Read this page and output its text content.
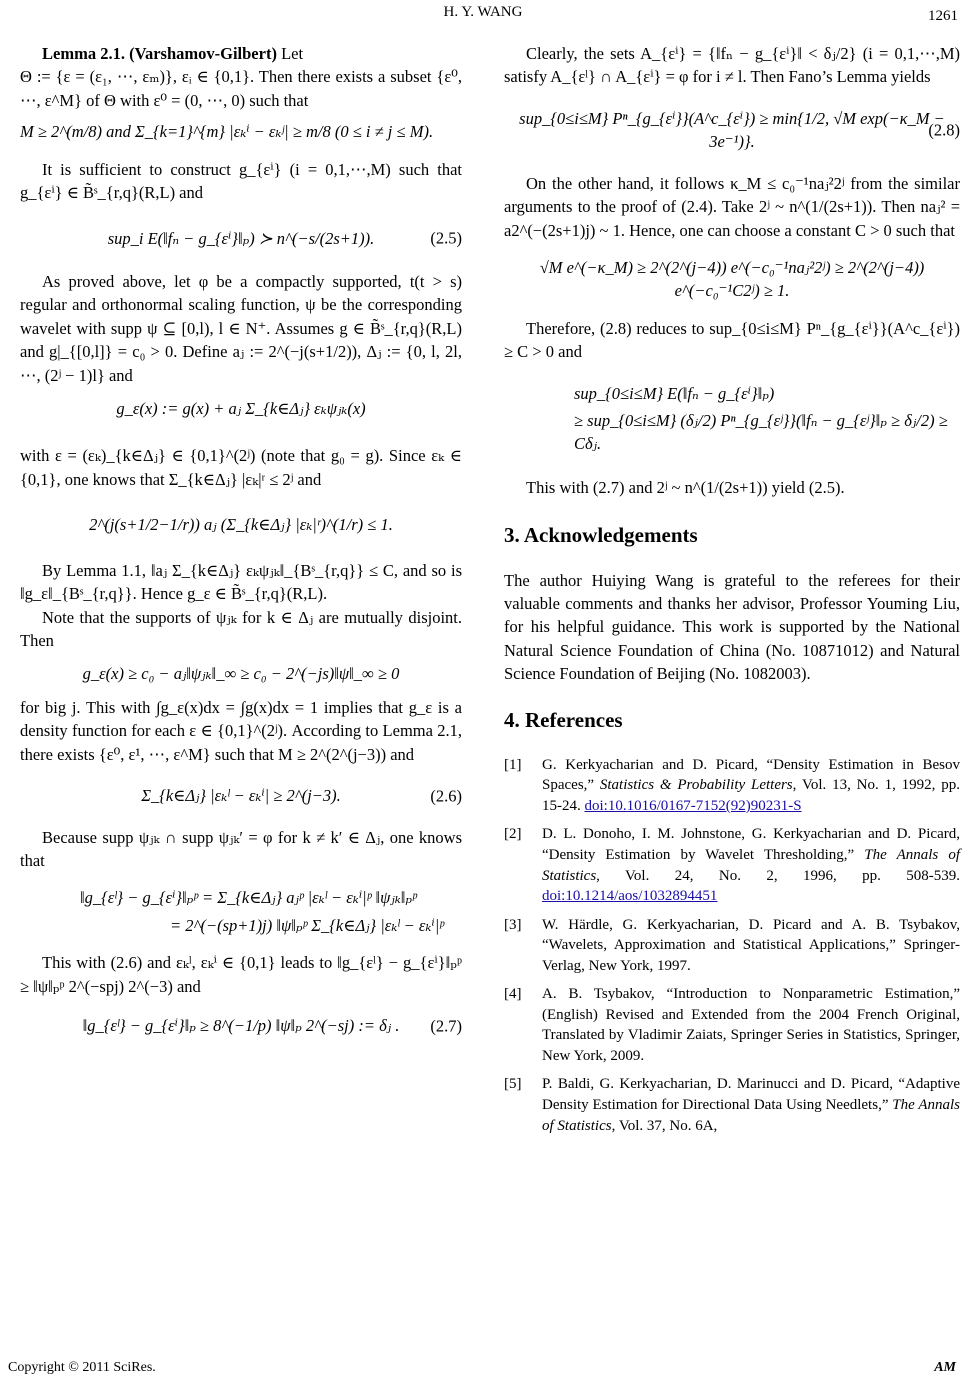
H. Y. WANG	1261

Lemma 2.1. (Varshamov-Gilbert) Let

Θ := {ε = (ε₁, ⋯, εₘ)}, εᵢ ∈ {0,1}. Then there exists a subset {ε⁰, ⋯, ε^M} of Θ with ε⁰ = (0, ⋯, 0) such that

M ≥ 2^(m/8) and Σ_{k=1}^{m} |εₖⁱ − εₖʲ| ≥ m/8 (0 ≤ i ≠ j ≤ M).

It is sufficient to construct g_{εⁱ} (i = 0,1,⋯,M) such that g_{εⁱ} ∈ B̃ˢ_{r,q}(R,L) and

sup_i E(‖fₙ − g_{εⁱ}‖ₚ) ≻ n^(−s/(2s+1)).	(2.5)

As proved above, let φ be a compactly supported, t(t > s) regular and orthonormal scaling function, ψ be the corresponding wavelet with supp ψ ⊆ [0,l), l ∈ N⁺. Assumes g ∈ B̃ˢ_{r,q}(R,L) and g|_{[0,l]} = c₀ > 0. Define aⱼ := 2^(−j(s+1/2)), Δⱼ := {0, l, 2l, ⋯, (2ʲ − 1)l} and

g_ε(x) := g(x) + aⱼ Σ_{k∈Δⱼ} εₖψⱼₖ(x)

with ε = (εₖ)_{k∈Δⱼ} ∈ {0,1}^(2ʲ) (note that g₀ = g). Since εₖ ∈ {0,1}, one knows that Σ_{k∈Δⱼ} |εₖ|ʳ ≤ 2ʲ and

2^(j(s+1/2−1/r)) aⱼ (Σ_{k∈Δⱼ} |εₖ|ʳ)^(1/r) ≤ 1.

By Lemma 1.1, ‖aⱼ Σ_{k∈Δⱼ} εₖψⱼₖ‖_{Bˢ_{r,q}} ≤ C, and so is ‖g_ε‖_{Bˢ_{r,q}}. Hence g_ε ∈ B̃ˢ_{r,q}(R,L).

Note that the supports of ψⱼₖ for k ∈ Δⱼ are mutually disjoint. Then

g_ε(x) ≥ c₀ − aⱼ‖ψⱼₖ‖_∞ ≥ c₀ − 2^(−js)‖ψ‖_∞ ≥ 0

for big j. This with ∫g_ε(x)dx = ∫g(x)dx = 1 implies that g_ε is a density function for each ε ∈ {0,1}^(2ʲ). According to Lemma 2.1, there exists {ε⁰, ε¹, ⋯, ε^M} such that M ≥ 2^(2^(j−3)) and

Σ_{k∈Δⱼ} |εₖˡ − εₖⁱ| ≥ 2^(j−3).	(2.6)

Because supp ψⱼₖ ∩ supp ψⱼₖ′ = φ for k ≠ k′ ∈ Δⱼ, one knows that

‖g_{εˡ} − g_{εⁱ}‖ₚᵖ = Σ_{k∈Δⱼ} aⱼᵖ |εₖˡ − εₖⁱ|ᵖ ‖ψⱼₖ‖ₚᵖ
= 2^(−(sp+1)j) ‖ψ‖ₚᵖ Σ_{k∈Δⱼ} |εₖˡ − εₖⁱ|ᵖ

This with (2.6) and εₖˡ, εₖⁱ ∈ {0,1} leads to ‖g_{εˡ} − g_{εⁱ}‖ₚᵖ ≥ ‖ψ‖ₚᵖ 2^(−spj) 2^(−3) and

‖g_{εˡ} − g_{εⁱ}‖ₚ ≥ 8^(−1/p) ‖ψ‖ₚ 2^(−sj) := δⱼ . (2.7)

Clearly, the sets A_{εⁱ} = {‖fₙ − g_{εⁱ}‖ < δⱼ/2} (i = 0,1,⋯,M) satisfy A_{εˡ} ∩ A_{εⁱ} = φ for i ≠ l. Then Fano’s Lemma yields

sup_{0≤i≤M} Pⁿ_{g_{εⁱ}}(A^c_{εⁱ}) ≥ min{1/2, √M exp(−κ_M − 3e⁻¹)}.
(2.8)

On the other hand, it follows κ_M ≤ c₀⁻¹naⱼ²2ʲ from the similar arguments to the proof of (2.4). Take 2ʲ ~ n^(1/(2s+1)). Then naⱼ² = a2^(−(2s+1)j) ~ 1. Hence, one can choose a constant C > 0 such that

√M e^(−κ_M) ≥ 2^(2^(j−4)) e^(−c₀⁻¹naⱼ²2ʲ) ≥ 2^(2^(j−4)) e^(−c₀⁻¹C2ʲ) ≥ 1.

Therefore, (2.8) reduces to sup_{0≤i≤M} Pⁿ_{g_{εⁱ}}(A^c_{εⁱ}) ≥ C > 0 and

sup_{0≤i≤M} E(‖fₙ − g_{εⁱ}‖ₚ)
≥ sup_{0≤i≤M} (δⱼ/2) Pⁿ_{g_{εʲ}}(‖fₙ − g_{εʲ}‖ₚ ≥ δⱼ/2) ≥ Cδⱼ.

This with (2.7) and 2ʲ ~ n^(1/(2s+1)) yield (2.5).

3. Acknowledgements

The author Huiying Wang is grateful to the referees for their valuable comments and thanks her advisor, Professor Youming Liu, for his helpful guidance. This work is supported by the National Natural Science Foundation of China (No. 10871012) and Natural Science Foundation of Beijing (No. 1082003).

4. References
[1]	G. Kerkyacharian and D. Picard, “Density Estimation in Besov Spaces,” Statistics & Probability Letters, Vol. 13, No. 1, 1992, pp. 15-24. doi:10.1016/0167-7152(92)90231-S
[2]	D. L. Donoho, I. M. Johnstone, G. Kerkyacharian and D. Picard, “Density Estimation by Wavelet Thresholding,” The Annals of Statistics, Vol. 24, No. 2, 1996, pp. 508-539. doi:10.1214/aos/1032894451
[3]	W. Härdle, G. Kerkyacharian, D. Picard and A. B. Tsybakov, “Wavelets, Approximation and Statistical Applications,” Springer-Verlag, New York, 1997.
[4]	A. B. Tsybakov, “Introduction to Nonparametric Estimation,” (English) Revised and Extended from the 2004 French Original, Translated by Vladimir Zaiats, Springer Series in Statistics, Springer, New York, 2009.
[5]	P. Baldi, G. Kerkyacharian, D. Marinucci and D. Picard, “Adaptive Density Estimation for Directional Data Using Needlets,” The Annals of Statistics, Vol. 37, No. 6A,
Copyright © 2011 SciRes.	AM
